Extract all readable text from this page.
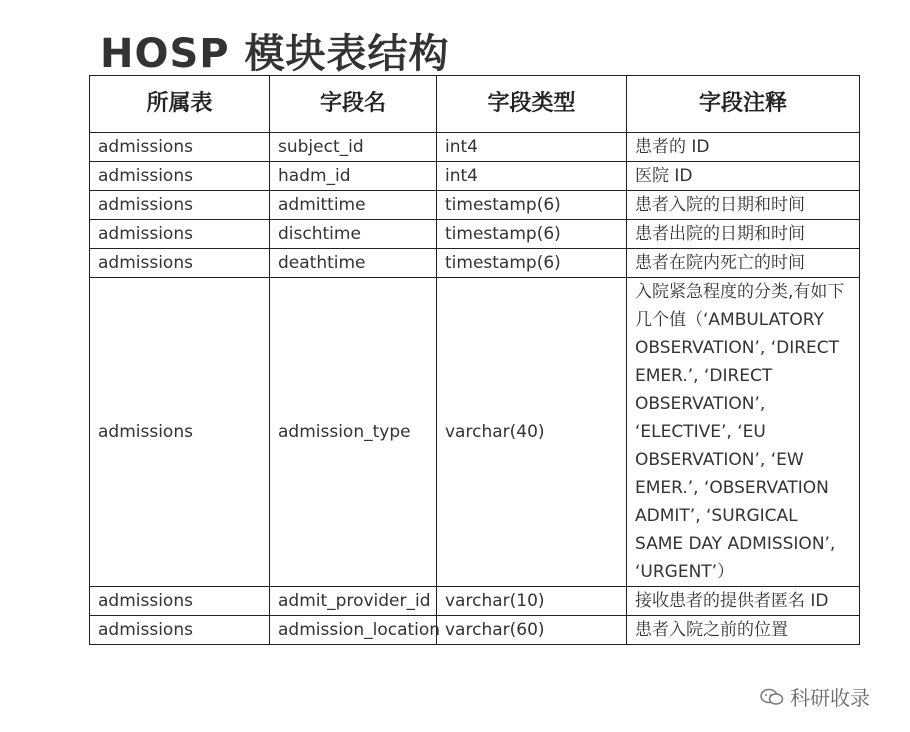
HOSP 模块表结构
所属表	字段名	字段类型	字段注释
admissions	subject_id	int4	患者的 ID
admissions	hadm_id	int4	医院 ID
admissions	admittime	timestamp(6)	患者入院的日期和时间
admissions	dischtime	timestamp(6)	患者出院的日期和时间
admissions	deathtime	timestamp(6)	患者在院内死亡的时间
admissions	admission_type	varchar(40)	入院紧急程度的分类,有如下几个值（‘AMBULATORY OBSERVATION’, ‘DIRECT EMER.’, ‘DIRECT OBSERVATION’, ‘ELECTIVE’, ‘EU OBSERVATION’, ‘EW EMER.’, ‘OBSERVATION ADMIT’, ‘SURGICAL SAME DAY ADMISSION’, ‘URGENT’）
admissions	admit_provider_id	varchar(10)	接收患者的提供者匿名 ID
admissions	admission_location	varchar(60)	患者入院之前的位置
科研收录
